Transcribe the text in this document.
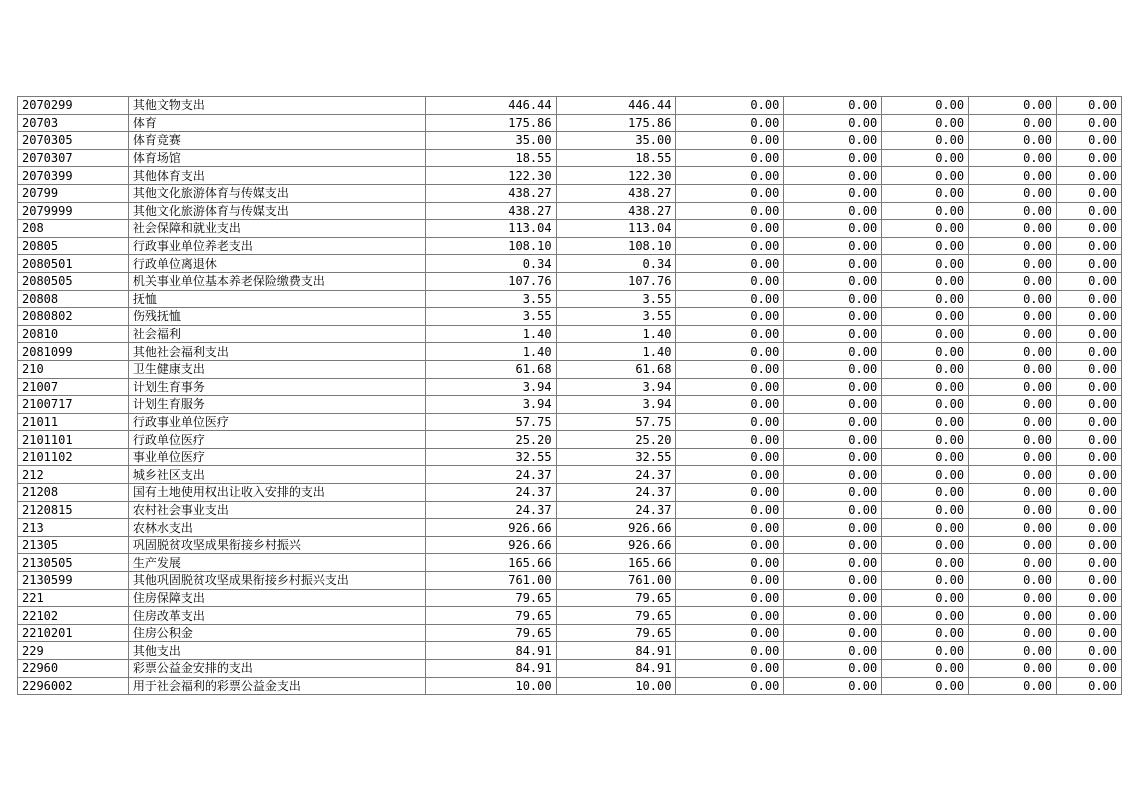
2070299	其他文物支出	446.44	446.44	0.00	0.00	0.00	0.00	0.00
20703	体育	175.86	175.86	0.00	0.00	0.00	0.00	0.00
2070305	体育竞赛	35.00	35.00	0.00	0.00	0.00	0.00	0.00
2070307	体育场馆	18.55	18.55	0.00	0.00	0.00	0.00	0.00
2070399	其他体育支出	122.30	122.30	0.00	0.00	0.00	0.00	0.00
20799	其他文化旅游体育与传媒支出	438.27	438.27	0.00	0.00	0.00	0.00	0.00
2079999	其他文化旅游体育与传媒支出	438.27	438.27	0.00	0.00	0.00	0.00	0.00
208	社会保障和就业支出	113.04	113.04	0.00	0.00	0.00	0.00	0.00
20805	行政事业单位养老支出	108.10	108.10	0.00	0.00	0.00	0.00	0.00
2080501	行政单位离退休	0.34	0.34	0.00	0.00	0.00	0.00	0.00
2080505	机关事业单位基本养老保险缴费支出	107.76	107.76	0.00	0.00	0.00	0.00	0.00
20808	抚恤	3.55	3.55	0.00	0.00	0.00	0.00	0.00
2080802	伤残抚恤	3.55	3.55	0.00	0.00	0.00	0.00	0.00
20810	社会福利	1.40	1.40	0.00	0.00	0.00	0.00	0.00
2081099	其他社会福利支出	1.40	1.40	0.00	0.00	0.00	0.00	0.00
210	卫生健康支出	61.68	61.68	0.00	0.00	0.00	0.00	0.00
21007	计划生育事务	3.94	3.94	0.00	0.00	0.00	0.00	0.00
2100717	计划生育服务	3.94	3.94	0.00	0.00	0.00	0.00	0.00
21011	行政事业单位医疗	57.75	57.75	0.00	0.00	0.00	0.00	0.00
2101101	行政单位医疗	25.20	25.20	0.00	0.00	0.00	0.00	0.00
2101102	事业单位医疗	32.55	32.55	0.00	0.00	0.00	0.00	0.00
212	城乡社区支出	24.37	24.37	0.00	0.00	0.00	0.00	0.00
21208	国有土地使用权出让收入安排的支出	24.37	24.37	0.00	0.00	0.00	0.00	0.00
2120815	农村社会事业支出	24.37	24.37	0.00	0.00	0.00	0.00	0.00
213	农林水支出	926.66	926.66	0.00	0.00	0.00	0.00	0.00
21305	巩固脱贫攻坚成果衔接乡村振兴	926.66	926.66	0.00	0.00	0.00	0.00	0.00
2130505	生产发展	165.66	165.66	0.00	0.00	0.00	0.00	0.00
2130599	其他巩固脱贫攻坚成果衔接乡村振兴支出	761.00	761.00	0.00	0.00	0.00	0.00	0.00
221	住房保障支出	79.65	79.65	0.00	0.00	0.00	0.00	0.00
22102	住房改革支出	79.65	79.65	0.00	0.00	0.00	0.00	0.00
2210201	住房公积金	79.65	79.65	0.00	0.00	0.00	0.00	0.00
229	其他支出	84.91	84.91	0.00	0.00	0.00	0.00	0.00
22960	彩票公益金安排的支出	84.91	84.91	0.00	0.00	0.00	0.00	0.00
2296002	用于社会福利的彩票公益金支出	10.00	10.00	0.00	0.00	0.00	0.00	0.00
